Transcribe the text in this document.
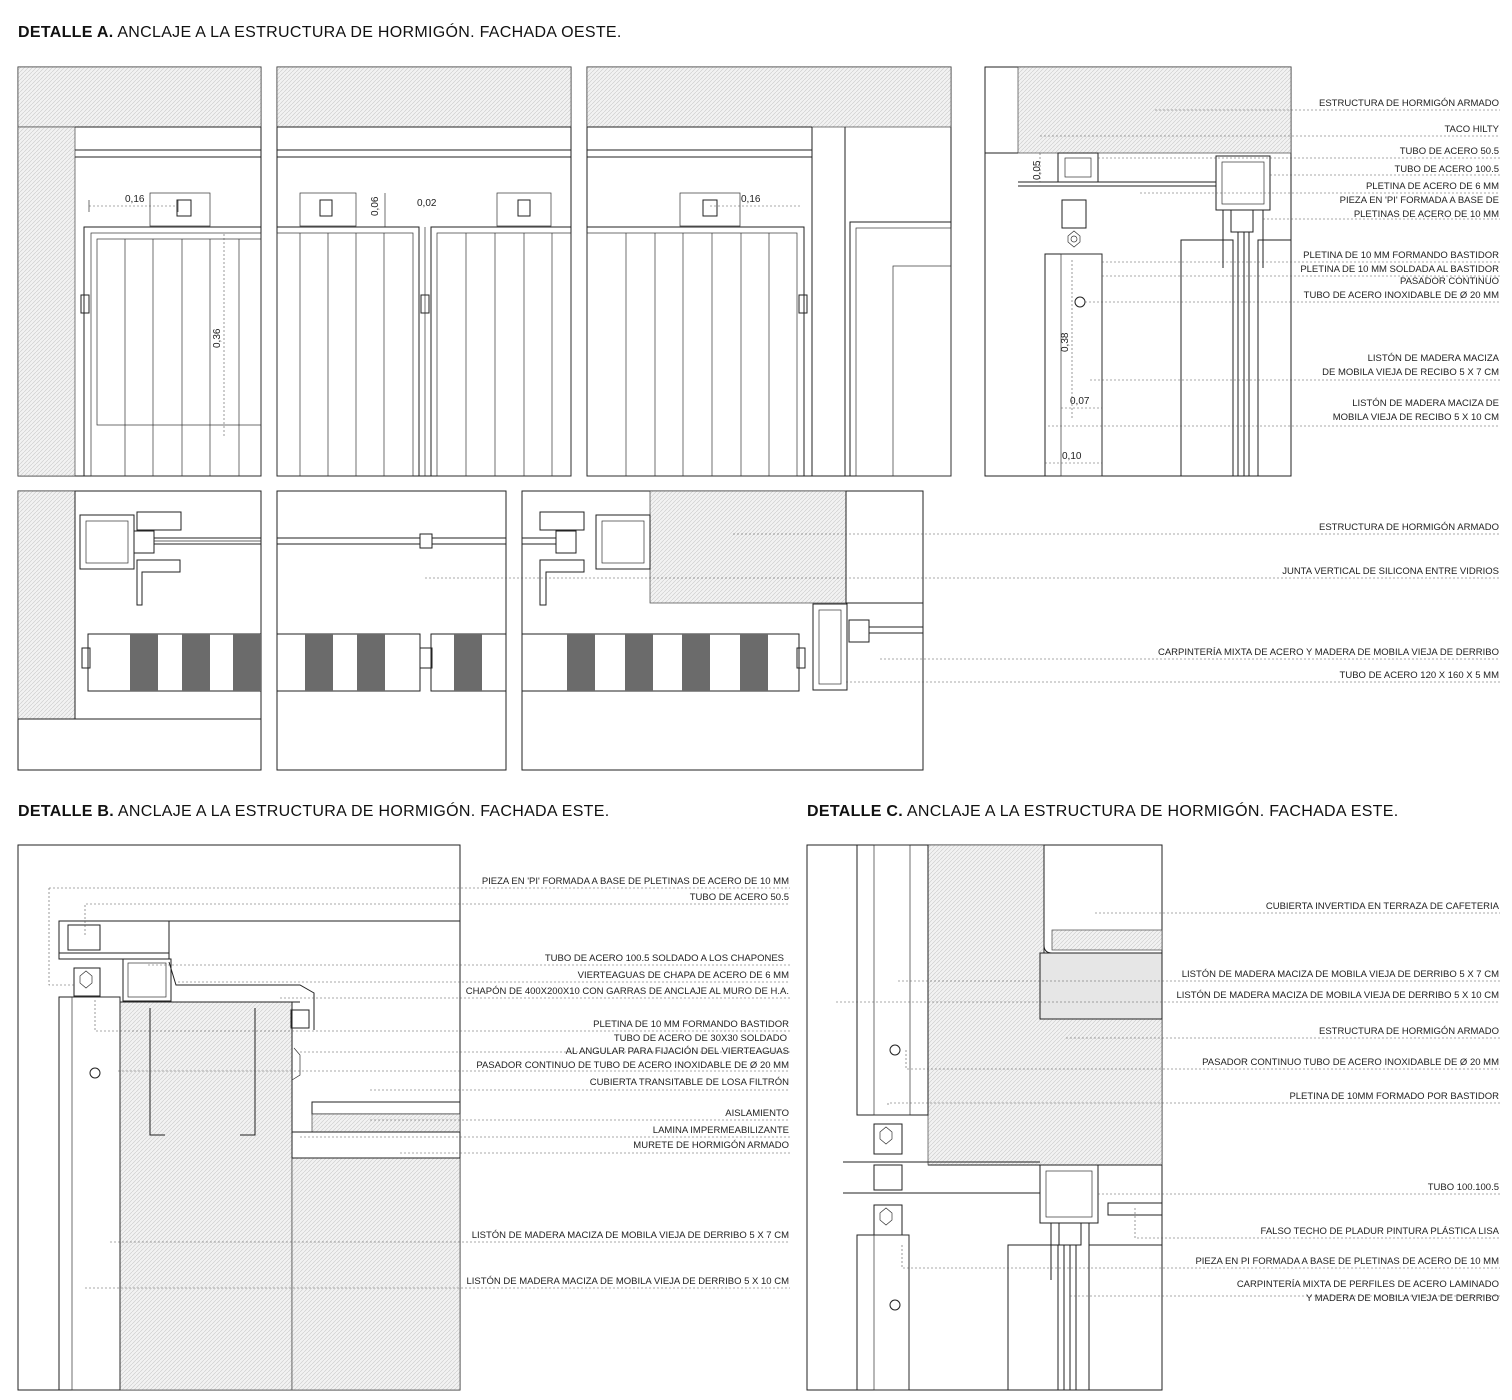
DETALLE A. ANCLAJE A LA ESTRUCTURA DE HORMIGÓN. FACHADA OESTE.
DETALLE B. ANCLAJE A LA ESTRUCTURA DE HORMIGÓN. FACHADA ESTE.	DETALLE C. ANCLAJE A LA ESTRUCTURA DE HORMIGÓN. FACHADA ESTE.
0,16	0,06	0,02	0,16
0,36
0,05
0,38
0,07
0,10
ESTRUCTURA DE HORMIGÓN ARMADO
TACO HILTY
TUBO DE ACERO 50.5
TUBO DE ACERO 100.5
PLETINA DE ACERO DE 6 MM
PIEZA EN 'PI' FORMADA A BASE DE
PLETINAS DE ACERO DE 10 MM
PLETINA DE 10 MM FORMANDO BASTIDOR
PLETINA DE 10 MM SOLDADA AL BASTIDOR
PASADOR CONTINUO
TUBO DE ACERO INOXIDABLE DE Ø 20 MM
LISTÓN DE MADERA MACIZA
DE MOBILA VIEJA DE RECIBO 5 X 7 CM
LISTÓN DE MADERA MACIZA DE
MOBILA VIEJA DE RECIBO 5 X 10 CM
ESTRUCTURA DE HORMIGÓN ARMADO
JUNTA VERTICAL DE SILICONA ENTRE VIDRIOS
CARPINTERÍA MIXTA DE ACERO Y MADERA DE MOBILA VIEJA DE DERRIBO
TUBO DE ACERO 120 X 160 X 5 MM
PIEZA EN 'PI' FORMADA A BASE DE PLETINAS DE ACERO DE 10 MM
TUBO DE ACERO 50.5
TUBO DE ACERO 100.5 SOLDADO A LOS CHAPONES
VIERTEAGUAS DE CHAPA DE ACERO DE 6 MM
CHAPÓN DE 400X200X10 CON GARRAS DE ANCLAJE AL MURO DE H.A.
PLETINA DE 10 MM FORMANDO BASTIDOR
TUBO DE ACERO DE 30X30 SOLDADO
AL ANGULAR PARA FIJACIÓN DEL VIERTEAGUAS
PASADOR CONTINUO DE TUBO DE ACERO INOXIDABLE DE Ø 20 MM
CUBIERTA TRANSITABLE DE LOSA FILTRÓN
AISLAMIENTO
LAMINA IMPERMEABILIZANTE
MURETE DE HORMIGÓN ARMADO
LISTÓN DE MADERA MACIZA DE MOBILA VIEJA DE DERRIBO 5 X 7 CM
LISTÓN DE MADERA MACIZA DE MOBILA VIEJA DE DERRIBO 5 X 10 CM
CUBIERTA INVERTIDA EN TERRAZA DE CAFETERIA
LISTÓN DE MADERA MACIZA DE MOBILA VIEJA DE DERRIBO 5 X 7 CM
LISTÓN DE MADERA MACIZA DE MOBILA VIEJA DE DERRIBO 5 X 10 CM
ESTRUCTURA DE HORMIGÓN ARMADO
PASADOR CONTINUO TUBO DE ACERO INOXIDABLE DE Ø 20 MM
PLETINA DE 10MM FORMADO POR BASTIDOR
TUBO 100.100.5
FALSO TECHO DE PLADUR PINTURA PLÁSTICA LISA
PIEZA EN PI FORMADA A BASE DE PLETINAS DE ACERO DE 10 MM
CARPINTERÍA MIXTA DE PERFILES DE ACERO LAMINADO
Y MADERA DE MOBILA VIEJA DE DERRIBO
